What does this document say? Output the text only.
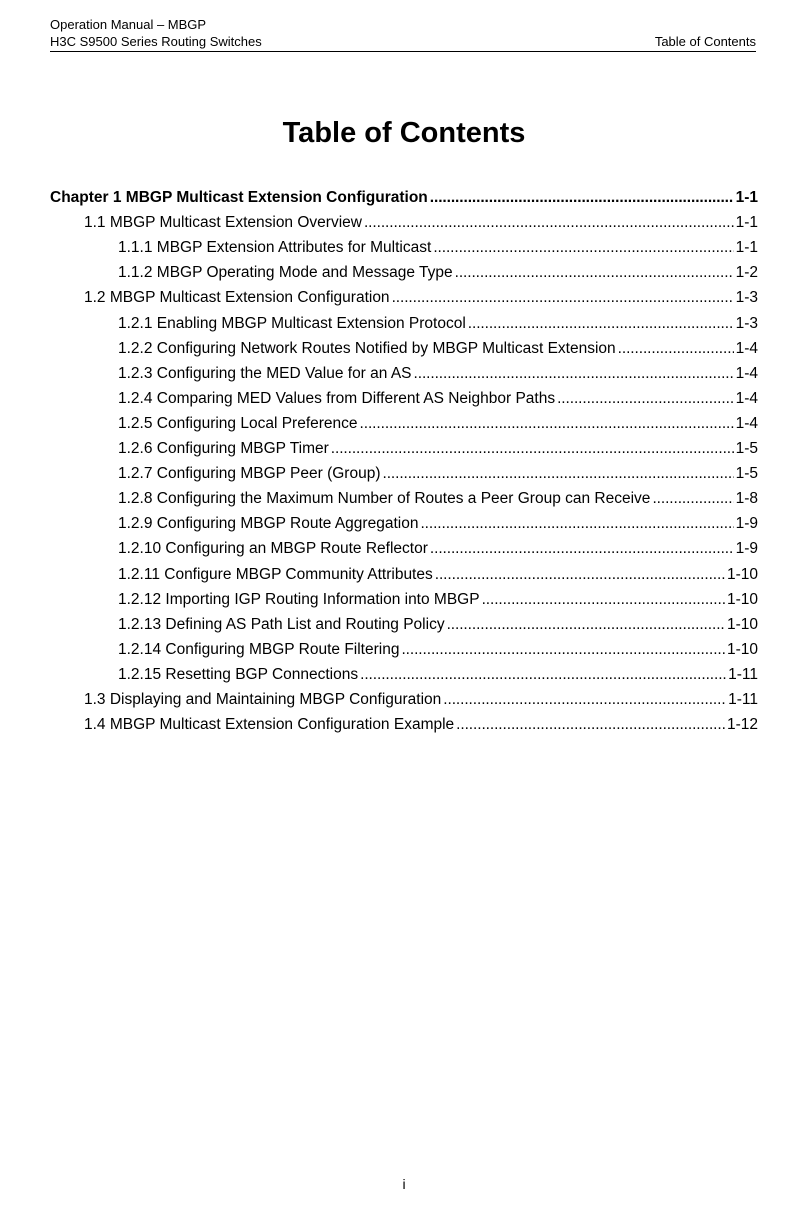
Operation Manual – MBGP
H3C S9500 Series Routing Switches	Table of Contents
Table of Contents
Chapter 1 MBGP Multicast Extension Configuration . . .	1-1
1.1 MBGP Multicast Extension Overview . . .	1-1
1.1.1 MBGP Extension Attributes for Multicast . . .	1-1
1.1.2 MBGP Operating Mode and Message Type . . .	1-2
1.2 MBGP Multicast Extension Configuration . . .	1-3
1.2.1 Enabling MBGP Multicast Extension Protocol . . .	1-3
1.2.2 Configuring Network Routes Notified by MBGP Multicast Extension . . .	1-4
1.2.3 Configuring the MED Value for an AS . . .	1-4
1.2.4 Comparing MED Values from Different AS Neighbor Paths . . .	1-4
1.2.5 Configuring Local Preference . . .	1-4
1.2.6 Configuring MBGP Timer . . .	1-5
1.2.7 Configuring MBGP Peer (Group) . . .	1-5
1.2.8 Configuring the Maximum Number of Routes a Peer Group can Receive . . .	1-8
1.2.9 Configuring MBGP Route Aggregation . . .	1-9
1.2.10 Configuring an MBGP Route Reflector . . .	1-9
1.2.11 Configure MBGP Community Attributes . . .	1-10
1.2.12 Importing IGP Routing Information into MBGP . . .	1-10
1.2.13 Defining AS Path List and Routing Policy . . .	1-10
1.2.14 Configuring MBGP Route Filtering . . .	1-10
1.2.15 Resetting BGP Connections . . .	1-11
1.3 Displaying and Maintaining MBGP Configuration . . .	1-11
1.4 MBGP Multicast Extension Configuration Example . . .	1-12
i
